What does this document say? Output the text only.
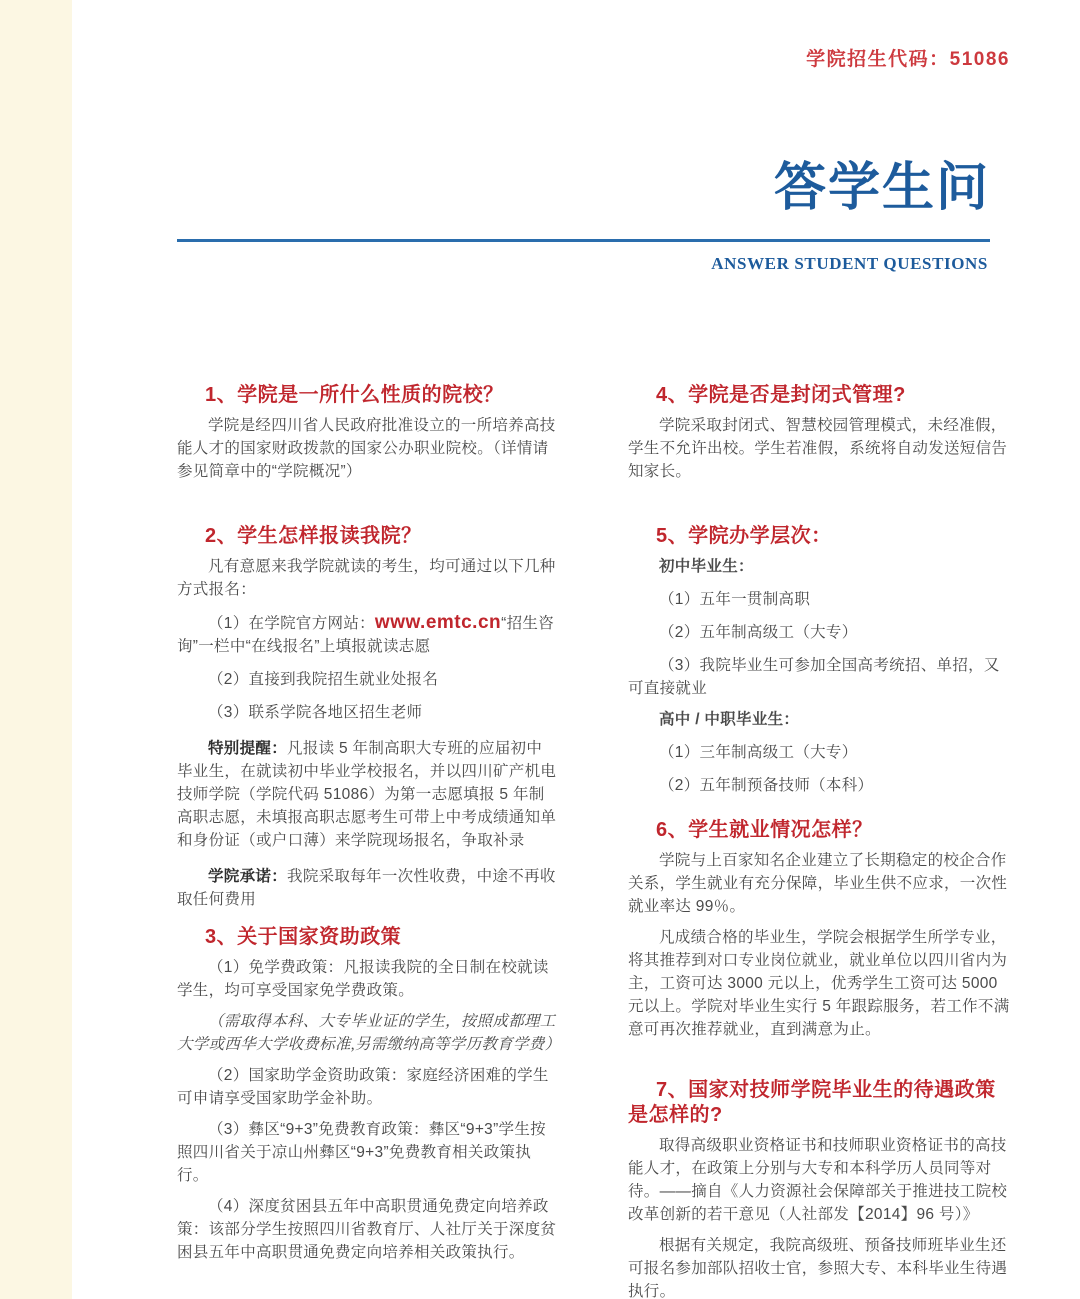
学院招生代码：51086
答学生问
ANSWER STUDENT QUESTIONS
1、学院是一所什么性质的院校？

学院是经四川省人民政府批准设立的一所培养高技能人才的国家财政拨款的国家公办职业院校。（详情请参见简章中的“学院概况”）

2、学生怎样报读我院？

凡有意愿来我学院就读的考生，均可通过以下几种方式报名：

（1）在学院官方网站：www.emtc.cn“招生咨询”一栏中“在线报名”上填报就读志愿

（2）直接到我院招生就业处报名

（3）联系学院各地区招生老师

特别提醒：凡报读 5 年制高职大专班的应届初中毕业生，在就读初中毕业学校报名，并以四川矿产机电技师学院（学院代码 51086）为第一志愿填报 5 年制高职志愿，未填报高职志愿考生可带上中考成绩通知单和身份证（或户口薄）来学院现场报名，争取补录

学院承诺：我院采取每年一次性收费，中途不再收取任何费用

3、关于国家资助政策

（1）免学费政策：凡报读我院的全日制在校就读学生，均可享受国家免学费政策。

（需取得本科、大专毕业证的学生，按照成都理工大学或西华大学收费标准,另需缴纳高等学历教育学费）

（2）国家助学金资助政策：家庭经济困难的学生可申请享受国家助学金补助。

（3）彝区“9+3”免费教育政策：彝区“9+3”学生按照四川省关于凉山州彝区“9+3”免费教育相关政策执行。

（4）深度贫困县五年中高职贯通免费定向培养政策：该部分学生按照四川省教育厅、人社厅关于深度贫困县五年中高职贯通免费定向培养相关政策执行。

4、学院是否是封闭式管理?

学院采取封闭式、智慧校园管理模式，未经准假，学生不允许出校。学生若准假，系统将自动发送短信告知家长。

5、学院办学层次：

初中毕业生：

（1）五年一贯制高职

（2）五年制高级工（大专）

（3）我院毕业生可参加全国高考统招、单招，又可直接就业

高中 / 中职毕业生：

（1）三年制高级工（大专）

（2）五年制预备技师（本科）

6、学生就业情况怎样？

学院与上百家知名企业建立了长期稳定的校企合作关系，学生就业有充分保障，毕业生供不应求，一次性就业率达 99％。

凡成绩合格的毕业生，学院会根据学生所学专业，将其推荐到对口专业岗位就业，就业单位以四川省内为主，工资可达 3000 元以上，优秀学生工资可达 5000 元以上。学院对毕业生实行 5 年跟踪服务，若工作不满意可再次推荐就业，直到满意为止。

7、国家对技师学院毕业生的待遇政策是怎样的?

取得高级职业资格证书和技师职业资格证书的高技能人才，在政策上分别与大专和本科学历人员同等对待。——摘自《人力资源社会保障部关于推进技工院校改革创新的若干意见（人社部发【2014】96 号）》

根据有关规定，我院高级班、预备技师班毕业生还可报名参加部队招收士官，参照大专、本科毕业生待遇执行。
